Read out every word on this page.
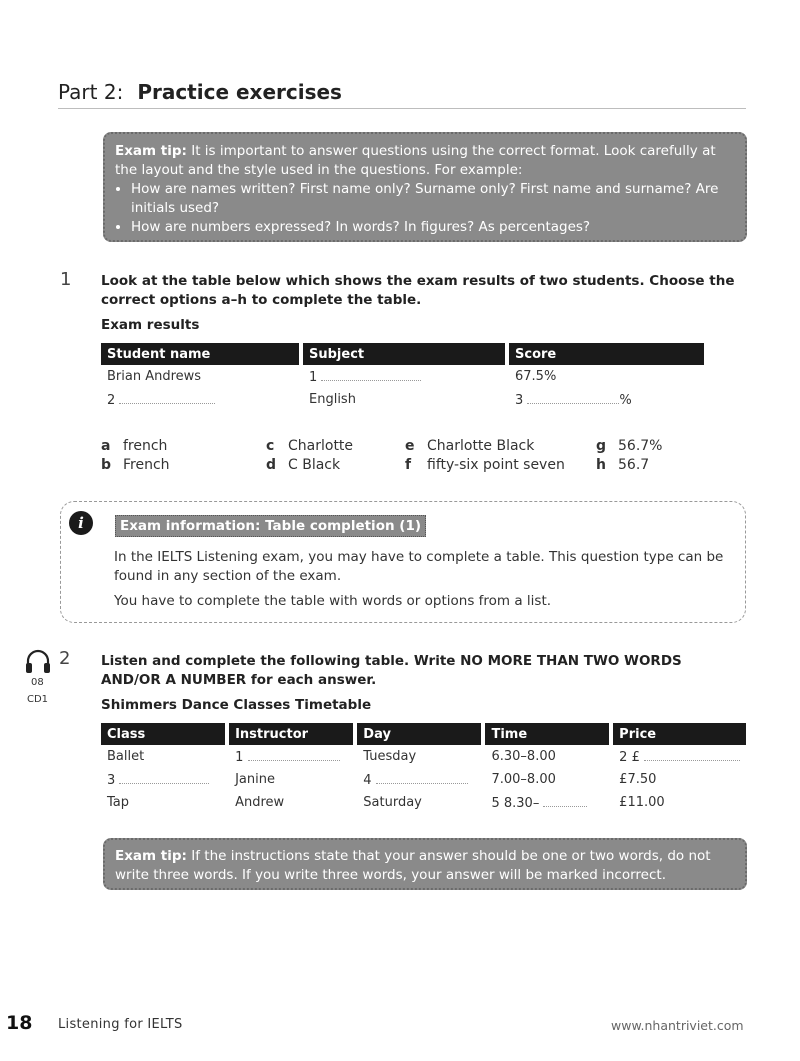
Part 2: Practice exercises
Exam tip: It is important to answer questions using the correct format. Look carefully at the layout and the style used in the questions. For example:
• How are names written? First name only? Surname only? First name and surname? Are initials used?
• How are numbers expressed? In words? In figures? As percentages?
1 Look at the table below which shows the exam results of two students. Choose the correct options a–h to complete the table.
Exam results
Student name	Subject	Score
Brian Andrews	1	67.5%
2	English	3 %
a french
b French
c Charlotte
d C Black
e Charlotte Black
f fifty-six point seven
g 56.7%
h 56.7
i	Exam information: Table completion (1)
In the IELTS Listening exam, you may have to complete a table. This question type can be found in any section of the exam.
You have to complete the table with words or options from a list.
08
CD1
2 Listen and complete the following table. Write NO MORE THAN TWO WORDS AND/OR A NUMBER for each answer.
Shimmers Dance Classes Timetable
Class	Instructor	Day	Time	Price
Ballet	1	Tuesday	6.30–8.00	2 £
3	Janine	4	7.00–8.00	£7.50
Tap	Andrew	Saturday	5 8.30–	£11.00
Exam tip: If the instructions state that your answer should be one or two words, do not write three words. If you write three words, your answer will be marked incorrect.
18 Listening for IELTS	www.nhantriviet.com
